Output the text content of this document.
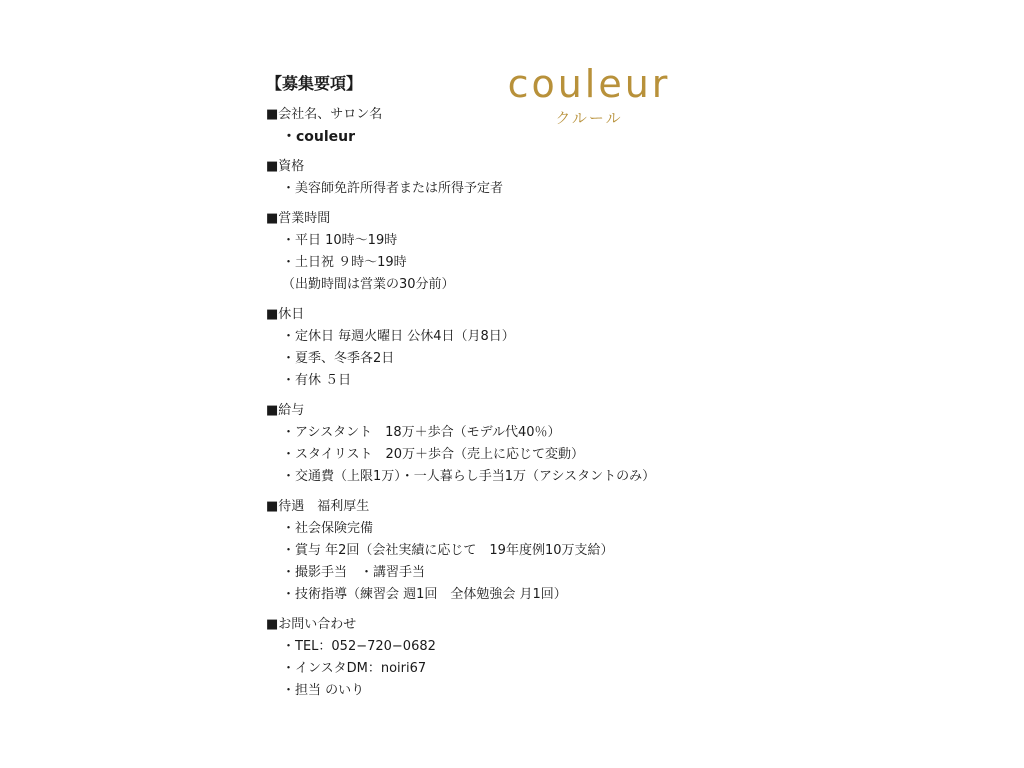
couleur
クルール
【募集要項】
■会社名、サロン名
・couleur
■資格
・美容師免許所得者または所得予定者
■営業時間
・平日 10時〜19時
・土日祝 ９時〜19時
（出勤時間は営業の30分前）
■休日
・定休日 毎週火曜日 公休4日（月8日）
・夏季、冬季各2日
・有休 ５日
■給与
・アシスタント　18万＋歩合（モデル代40％）
・スタイリスト　20万＋歩合（売上に応じて変動）
・交通費（上限1万）・一人暮らし手当1万（アシスタントのみ）
■待遇　福利厚生
・社会保険完備
・賞与 年2回（会社実績に応じて　19年度例10万支給）
・撮影手当　・講習手当
・技術指導（練習会 週1回　全体勉強会 月1回）
■お問い合わせ
・TEL：052−720−0682
・インスタDM：noiri67
・担当 のいり
